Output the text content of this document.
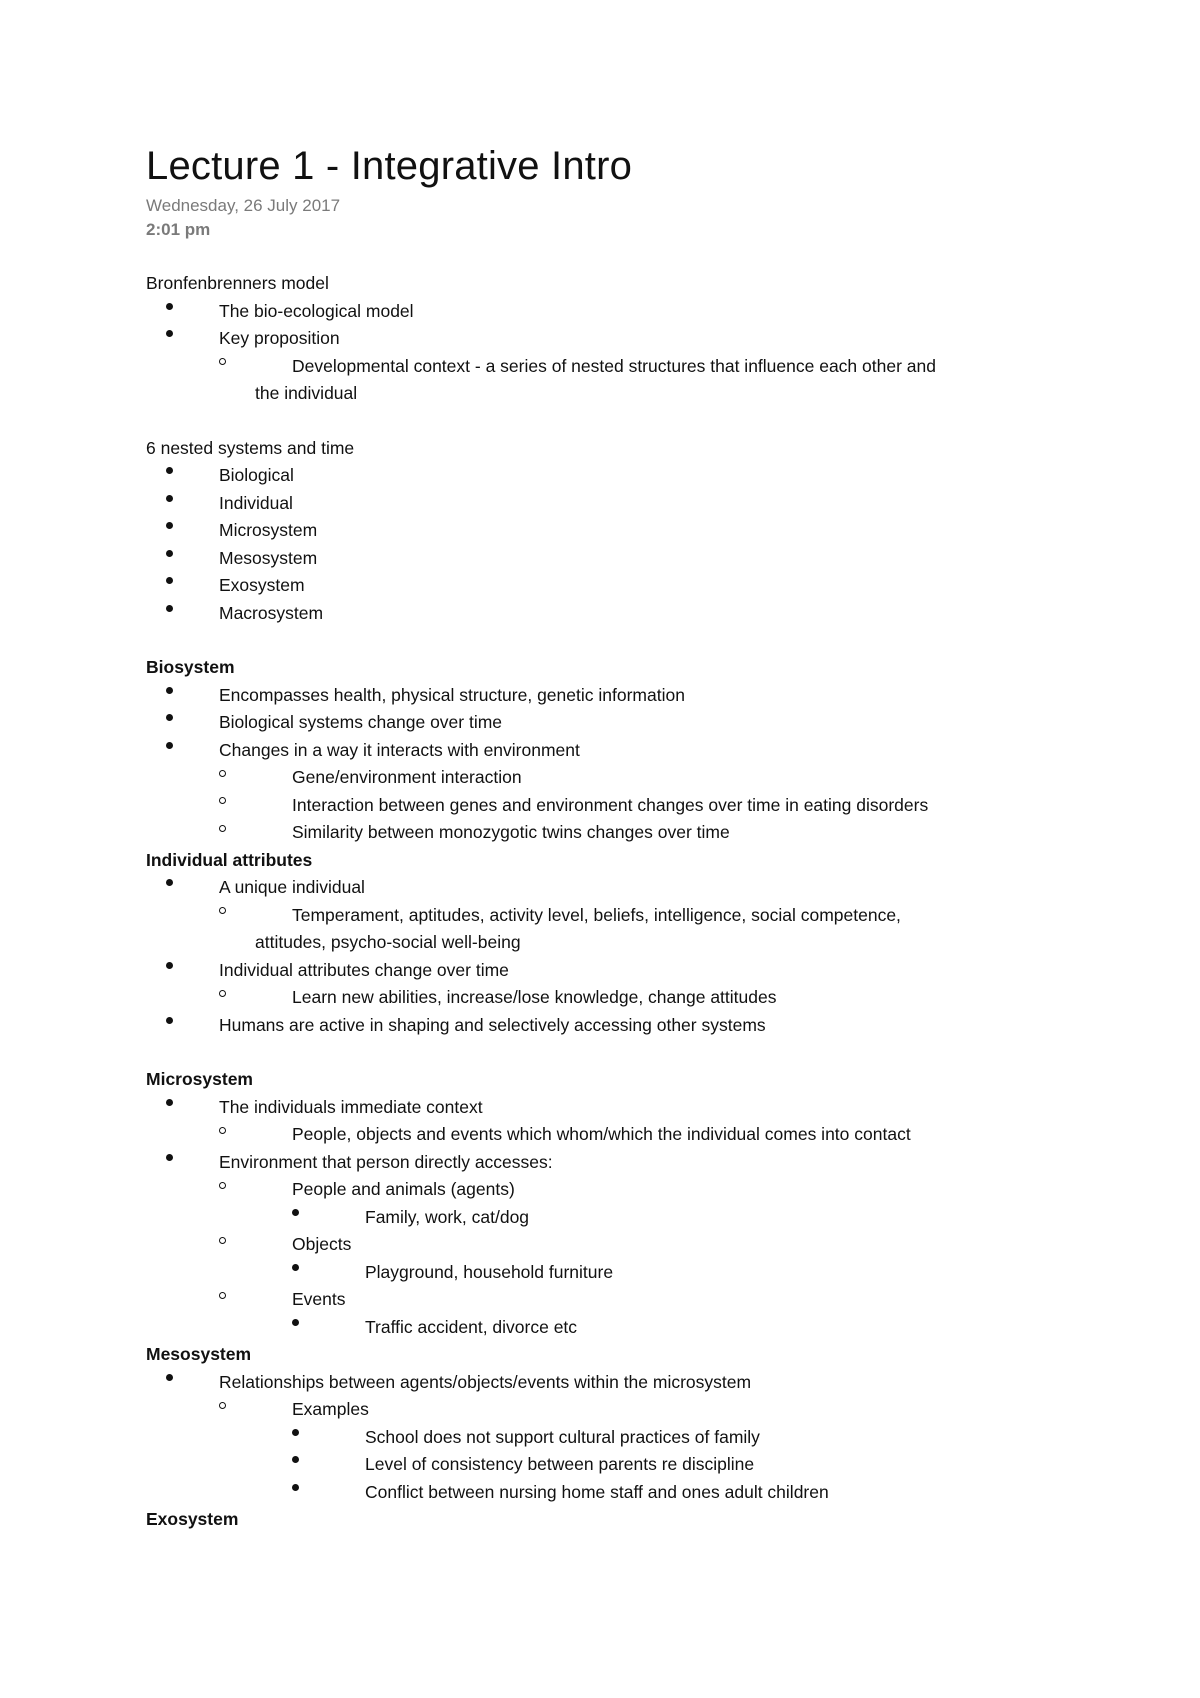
Lecture 1 - Integrative Intro
Wednesday, 26 July 2017
2:01 pm
Bronfenbrenners model
The bio-ecological model
Key proposition
Developmental context - a series of nested structures that influence each other and
the individual
6 nested systems and time
Biological
Individual
Microsystem
Mesosystem
Exosystem
Macrosystem
Biosystem
Encompasses health, physical structure, genetic information
Biological systems change over time
Changes in a way it interacts with environment
Gene/environment interaction
Interaction between genes and environment changes over time in eating disorders
Similarity between monozygotic twins changes over time
Individual attributes
A unique individual
Temperament, aptitudes, activity level, beliefs, intelligence, social competence,
attitudes, psycho-social well-being
Individual attributes change over time
Learn new abilities, increase/lose knowledge, change attitudes
Humans are active in shaping and selectively accessing other systems
Microsystem
The individuals immediate context
People, objects and events which whom/which the individual comes into contact
Environment that person directly accesses:
People and animals (agents)
Family, work, cat/dog
Objects
Playground, household furniture
Events
Traffic accident, divorce etc
Mesosystem
Relationships between agents/objects/events within the microsystem
Examples
School does not support cultural practices of family
Level of consistency between parents re discipline
Conflict between nursing home staff and ones adult children
Exosystem
